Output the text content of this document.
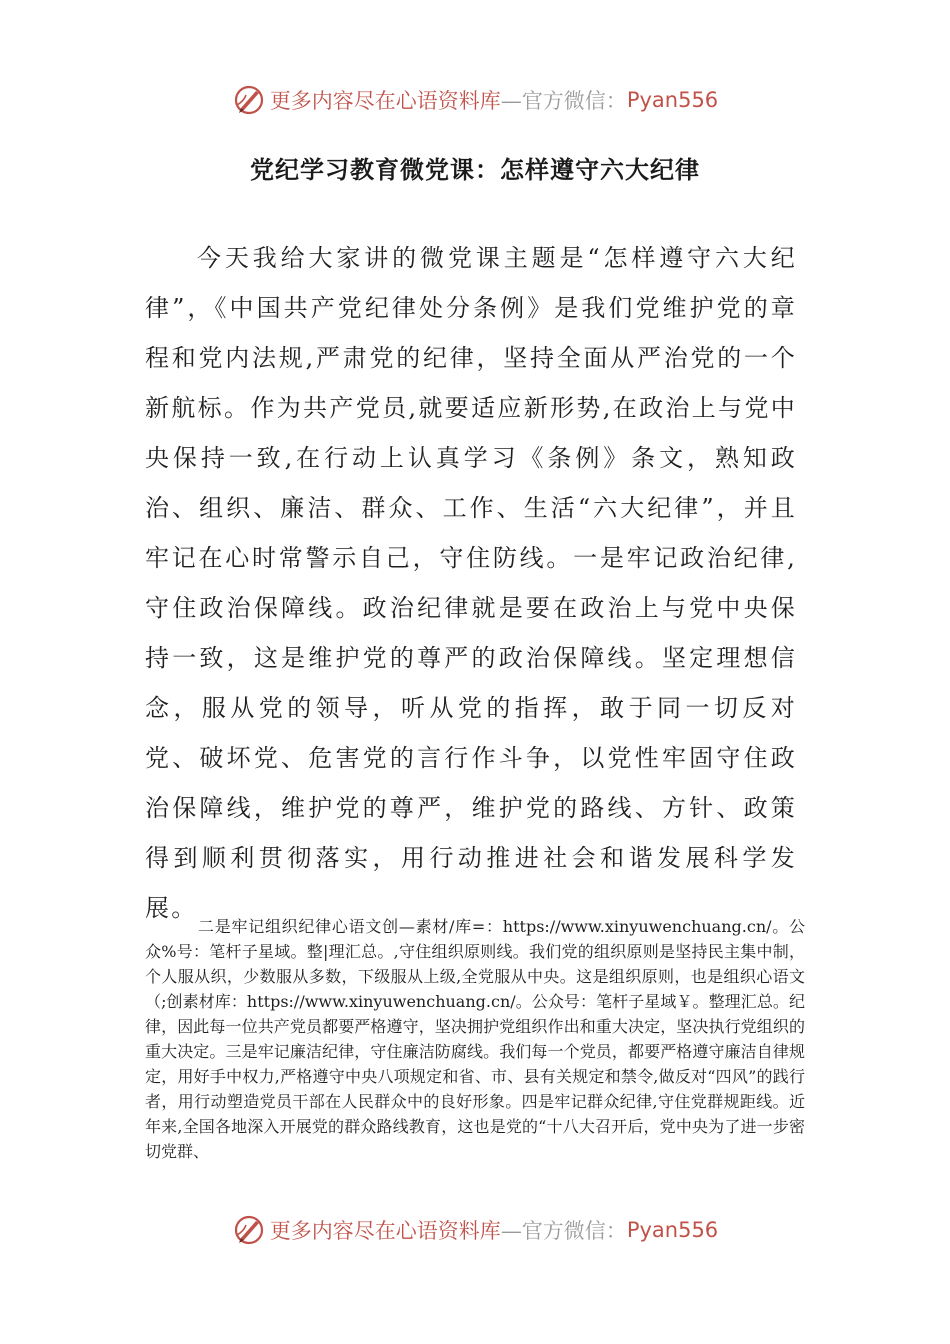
更多内容尽在心语资料库 —官方微信： Pyan556
党纪学习教育微党课：怎样遵守六大纪律

今天我给大家讲的微党课主题是“怎样遵守六大纪律”，《中国共产党纪律处分条例》是我们党维护党的章程和党内法规,严肃党的纪律，坚持全面从严治党的一个新航标。作为共产党员,就要适应新形势,在政治上与党中央保持一致,在行动上认真学习《条例》条文，熟知政治、组织、廉洁、群众、工作、生活“六大纪律”，并且牢记在心时常警示自己，守住防线。一是牢记政治纪律,守住政治保障线。政治纪律就是要在政治上与党中央保持一致，这是维护党的尊严的政治保障线。坚定理想信念，服从党的领导，听从党的指挥，敢于同一切反对党、破坏党、危害党的言行作斗争，以党性牢固守住政治保障线，维护党的尊严，维护党的路线、方针、政策得到顺利贯彻落实，用行动推进社会和谐发展科学发展。

二是牢记组织纪律心语文创—素材/库=：https://www.xinyuwenchuang.cn/。公众%号：笔杆子星域。整|理汇总。,守住组织原则线。我们党的组织原则是坚持民主集中制，个人服从织，少数服从多数，下级服从上级,全党服从中央。这是组织原则，也是组织心语文（;创素材库：https://www.xinyuwenchuang.cn/。公众号：笔杆子星域￥。整理汇总。纪律，因此每一位共产党员都要严格遵守，坚决拥护党组织作出和重大决定，坚决执行党组织的重大决定。三是牢记廉洁纪律，守住廉洁防腐线。我们每一个党员，都要严格遵守廉洁自律规定，用好手中权力,严格遵守中央八项规定和省、市、县有关规定和禁令,做反对“四风”的践行者，用行动塑造党员干部在人民群众中的良好形象。四是牢记群众纪律,守住党群规距线。近年来,全国各地深入开展党的群众路线教育，这也是党的“十八大召开后，党中央为了进一步密切党群、

更多内容尽在心语资料库 —官方微信： Pyan556
